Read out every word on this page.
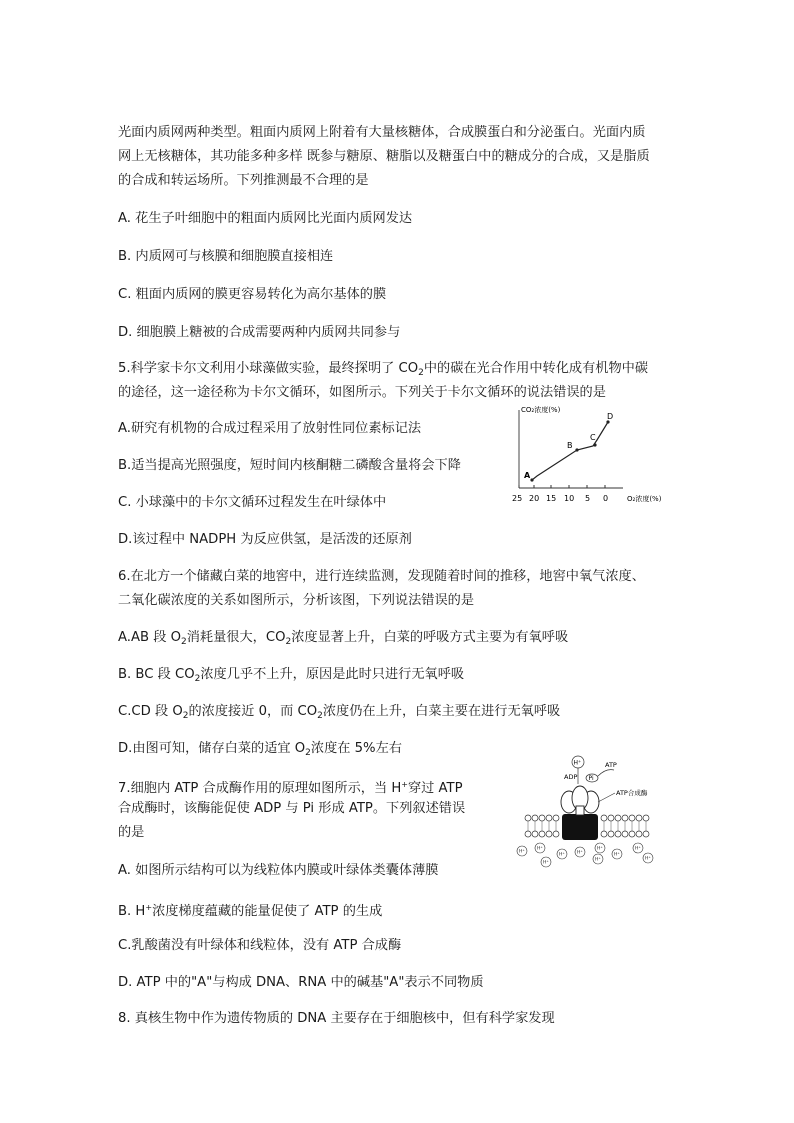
光面内质网两种类型。粗面内质网上附着有大量核糖体，合成膜蛋白和分泌蛋白。光面内质
网上无核糖体，其功能多种多样 既参与糖原、糖脂以及糖蛋白中的糖成分的合成，又是脂质
的合成和转运场所。下列推测最不合理的是
A. 花生子叶细胞中的粗面内质网比光面内质网发达
B. 内质网可与核膜和细胞膜直接相连
C. 粗面内质网的膜更容易转化为高尔基体的膜
D. 细胞膜上糖被的合成需要两种内质网共同参与
5.科学家卡尔文利用小球藻做实验，最终探明了 $CO_2$中的碳在光合作用中转化成有机物中碳
的途径，这一途径称为卡尔文循环，如图所示。下列关于卡尔文循环的说法错误的是
A.研究有机物的合成过程采用了放射性同位素标记法
B.适当提高光照强度，短时间内核酮糖二磷酸含量将会下降
C. 小球藻中的卡尔文循环过程发生在叶绿体中
D.该过程中 NADPH 为反应供氢，是活泼的还原剂
CO₂浓度(%)
O₂浓度(%)
25 20 15 10 5 0
A
B
C
D
6.在北方一个储藏白菜的地窖中，进行连续监测，发现随着时间的推移，地窖中氧气浓度、
二氧化碳浓度的关系如图所示，分析该图，下列说法错误的是
A.AB 段 $O_2$消耗量很大，$CO_2$浓度显著上升，白菜的呼吸方式主要为有氧呼吸
B. BC 段 $CO_2$浓度几乎不上升，原因是此时只进行无氧呼吸
C.CD 段 $O_2$的浓度接近 0，而 $CO_2$浓度仍在上升，白菜主要在进行无氧呼吸
D.由图可知，储存白菜的适宜 $O_2$浓度在 5%左右
7.细胞内 ATP 合成酶作用的原理如图所示，当 H+穿过 ATP
合成酶时，该酶能促使 ADP 与 Pi 形成 ATP。下列叙述错误
的是
A. 如图所示结构可以为线粒体内膜或叶绿体类囊体薄膜
B. H+浓度梯度蕴藏的能量促使了 ATP 的生成
C.乳酸菌没有叶绿体和线粒体，没有 ATP 合成酶
D. ATP 中的"A"与构成 DNA、RNA 中的碱基"A"表示不同物质
H⁺
ADP Pi
ATP
ATP合成酶
H⁺
H⁺
H⁺	H⁺
H⁺
H⁺
H⁺
H⁺
H⁺
H⁺
8. 真核生物中作为遗传物质的 DNA 主要存在于细胞核中，但有科学家发现
